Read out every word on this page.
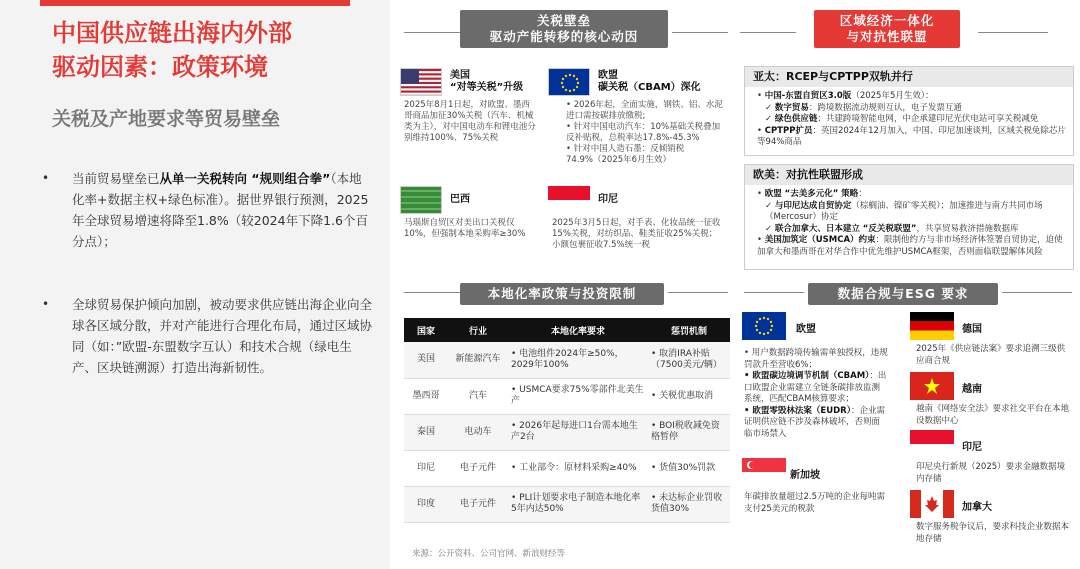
中国供应链出海内外部
驱动因素：政策环境
关税及产地要求等贸易壁垒
• 当前贸易壁垒已从单一关税转向 “规则组合拳”（本地化率+数据主权+绿色标准）。据世界银行预测，2025年全球贸易增速将降至1.8%（较2024年下降1.6个百分点）；
• 全球贸易保护倾向加剧，被动要求供应链出海企业向全球各区域分散，并对产能进行合理化布局，通过区域协同（如：”欧盟-东盟数字互认）和技术合规（绿电生产、区块链溯源）打造出海新韧性。
关税壁垒
驱动产能转移的核心动因
美国
“对等关税”升级
2025年8月1日起，对欧盟、墨西哥商品加征30%关税（汽车、机械类为主），对中国电动车和锂电池分别维持100%、75%关税
欧盟
碳关税（CBAM）深化
• 2026年起，全面实施，钢铁、铝、水泥进口需按碳排放缴税;
• 针对中国电动汽车：10%基础关税叠加反补贴税，总税率达17.8%-45.3%
• 针对中国人造石墨：反倾销税74.9%（2025年6月生效）
巴西
马瑙斯自贸区对美出口关税仅10%，但强制本地采购率≥30%
印尼
2025年3月5日起，对手表、化妆品统一征收15%关税，对纺织品、鞋类征收25%关税；小额包裹征收7.5%统一税
区域经济一体化
与对抗性联盟
亚太：RCEP与CPTPP双轨并行
• 中国-东盟自贸区3.0版（2025年5月生效）：
✓ 数字贸易：跨境数据流动规则互认，电子发票互通
✓ 绿色供应链：共建跨境智能电网，中企承建印尼光伏电站可享关税减免
• CPTPP扩员：英国2024年12月加入，中国、印尼加速谈判，区域关税免除芯片等94%商品
欧美：对抗性联盟形成
• 欧盟 “去美多元化” 策略：
✓ 与印尼达成自贸协定（棕榈油、镍矿零关税）；加速推进与南方共同市场（Mercosur）协定
✓ 联合加拿大、日本建立 “反关税联盟”，共享贸易救济措施数据库
• 美国加筑定（USMCA）约束：限制他约方与非市场经济体签署自贸协定，迫使加拿大和墨西哥在对华合作中优先维护USMCA框架，否则面临联盟解体风险
本地化率政策与投资限制
国家	行业	本地化率要求	惩罚机制
美国	新能源汽车	• 电池组件2024年≥50%，2029年100%	• 取消IRA补贴（7500美元/辆）
墨西哥	汽车	• USMCA要求75%零部件北美生产	• 关税优惠取消
泰国	电动车	• 2026年起每进口1台需本地生产2台	• BOI税收减免资格暂停
印尼	电子元件	• 工业部令：原材料采购≥40%	• 货值30%罚款
印度	电子元件	• PLI计划要求电子制造本地化率5年内达50%	• 未达标企业罚收货值30%
来源：公开资料、公司官网、新浪财经等
数据合规与ESG 要求
欧盟
• 用户数据跨境传输需单独授权，违规罚款升至营收6%；
• 欧盟碳边境调节机制（CBAM）：出口欧盟企业需建立全链条碳排放监测系统，匹配CBAM核算要求；
• 欧盟零毁林法案（EUDR）：企业需证明供应链不涉及森林破坏，否则面临市场禁入
新加坡
年碳排放量超过2.5万吨的企业每吨需支付25美元的税款
德国
2025年《供应链法案》要求追溯三级供应商合规
越南
越南《网络安全法》要求社交平台在本地设数据中心
印尼
印尼央行新规（2025）要求金融数据境内存储
加拿大
数字服务税争议后，要求科技企业数据本地存储
